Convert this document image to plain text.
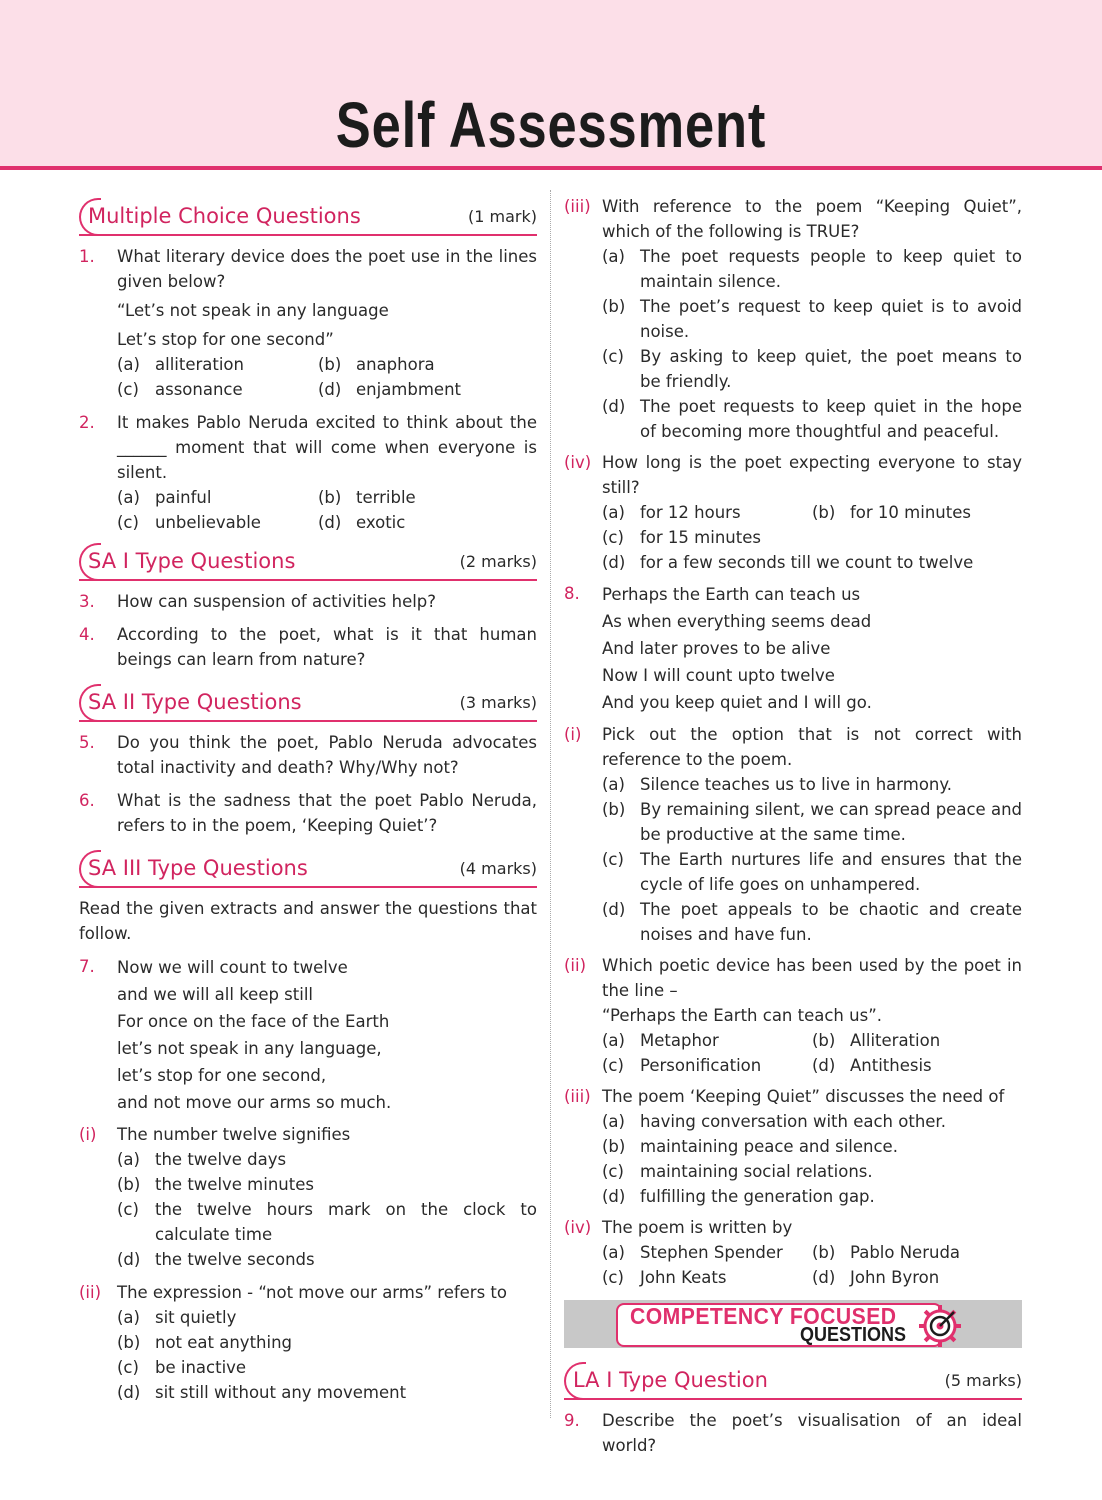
Self Assessment
Multiple Choice Questions	(1 mark)
1. What literary device does the poet use in the lines given below?
“Let’s not speak in any language
Let’s stop for one second”
(a) alliteration	(b) anaphora
(c) assonance	(d) enjambment
2. It makes Pablo Neruda excited to think about the ______ moment that will come when everyone is silent.
(a) painful	(b) terrible
(c) unbelievable	(d) exotic
SA I Type Questions	(2 marks)
3. How can suspension of activities help?
4. According to the poet, what is it that human beings can learn from nature?
SA II Type Questions	(3 marks)
5. Do you think the poet, Pablo Neruda advocates total inactivity and death? Why/Why not?
6. What is the sadness that the poet Pablo Neruda, refers to in the poem, ‘Keeping Quiet’?
SA III Type Questions	(4 marks)
Read the given extracts and answer the questions that follow.
7. Now we will count to twelve
and we will all keep still
For once on the face of the Earth
let’s not speak in any language,
let’s stop for one second,
and not move our arms so much.
(i) The number twelve signifies
(a) the twelve days
(b) the twelve minutes
(c) the twelve hours mark on the clock to calculate time
(d) the twelve seconds
(ii) The expression - “not move our arms” refers to
(a) sit quietly
(b) not eat anything
(c) be inactive
(d) sit still without any movement
(iii) With reference to the poem “Keeping Quiet”, which of the following is TRUE?
(a) The poet requests people to keep quiet to maintain silence.
(b) The poet’s request to keep quiet is to avoid noise.
(c) By asking to keep quiet, the poet means to be friendly.
(d) The poet requests to keep quiet in the hope of becoming more thoughtful and peaceful.
(iv) How long is the poet expecting everyone to stay still?
(a) for 12 hours	(b) for 10 minutes
(c) for 15 minutes
(d) for a few seconds till we count to twelve
8. Perhaps the Earth can teach us
As when everything seems dead
And later proves to be alive
Now I will count upto twelve
And you keep quiet and I will go.
(i) Pick out the option that is not correct with reference to the poem.
(a) Silence teaches us to live in harmony.
(b) By remaining silent, we can spread peace and be productive at the same time.
(c) The Earth nurtures life and ensures that the cycle of life goes on unhampered.
(d) The poet appeals to be chaotic and create noises and have fun.
(ii) Which poetic device has been used by the poet in the line –
“Perhaps the Earth can teach us”.
(a) Metaphor	(b) Alliteration
(c) Personification	(d) Antithesis
(iii) The poem ‘Keeping Quiet” discusses the need of
(a) having conversation with each other.
(b) maintaining peace and silence.
(c) maintaining social relations.
(d) fulfilling the generation gap.
(iv) The poem is written by
(a) Stephen Spender	(b) Pablo Neruda
(c) John Keats	(d) John Byron
COMPETENCY FOCUSED
QUESTIONS
LA I Type Question	(5 marks)
9. Describe the poet’s visualisation of an ideal world?
